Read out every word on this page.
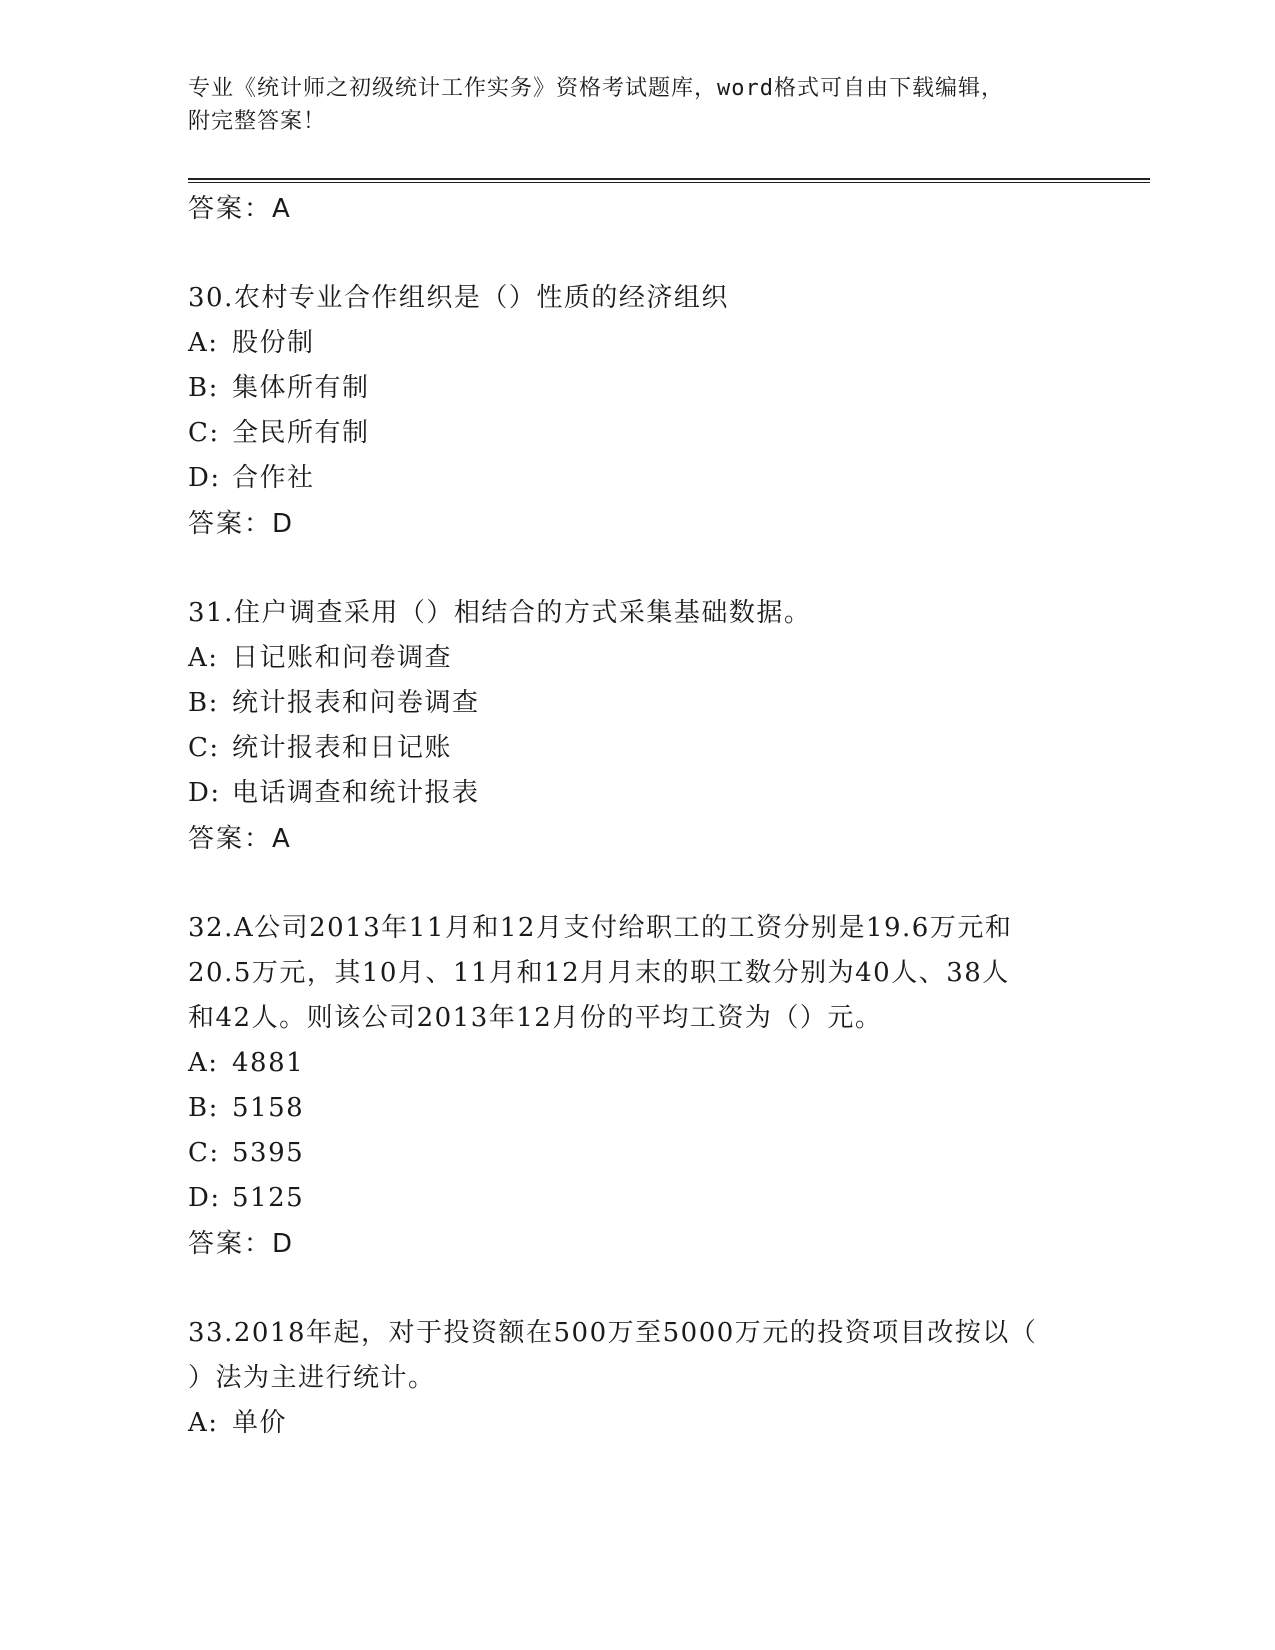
专业《统计师之初级统计工作实务》资格考试题库，word格式可自由下载编辑，
附完整答案！
答案：A
30.农村专业合作组织是（）性质的经济组织
A: 股份制
B: 集体所有制
C: 全民所有制
D: 合作社
答案：D
31.住户调查采用（）相结合的方式采集基础数据。
A: 日记账和问卷调查
B: 统计报表和问卷调查
C: 统计报表和日记账
D: 电话调查和统计报表
答案：A
32.A公司2013年11月和12月支付给职工的工资分别是19.6万元和
20.5万元，其10月、11月和12月月末的职工数分别为40人、38人
和42人。则该公司2013年12月份的平均工资为（）元。
A: 4881
B: 5158
C: 5395
D: 5125
答案：D
33.2018年起，对于投资额在500万至5000万元的投资项目改按以（
）法为主进行统计。
A: 单价
